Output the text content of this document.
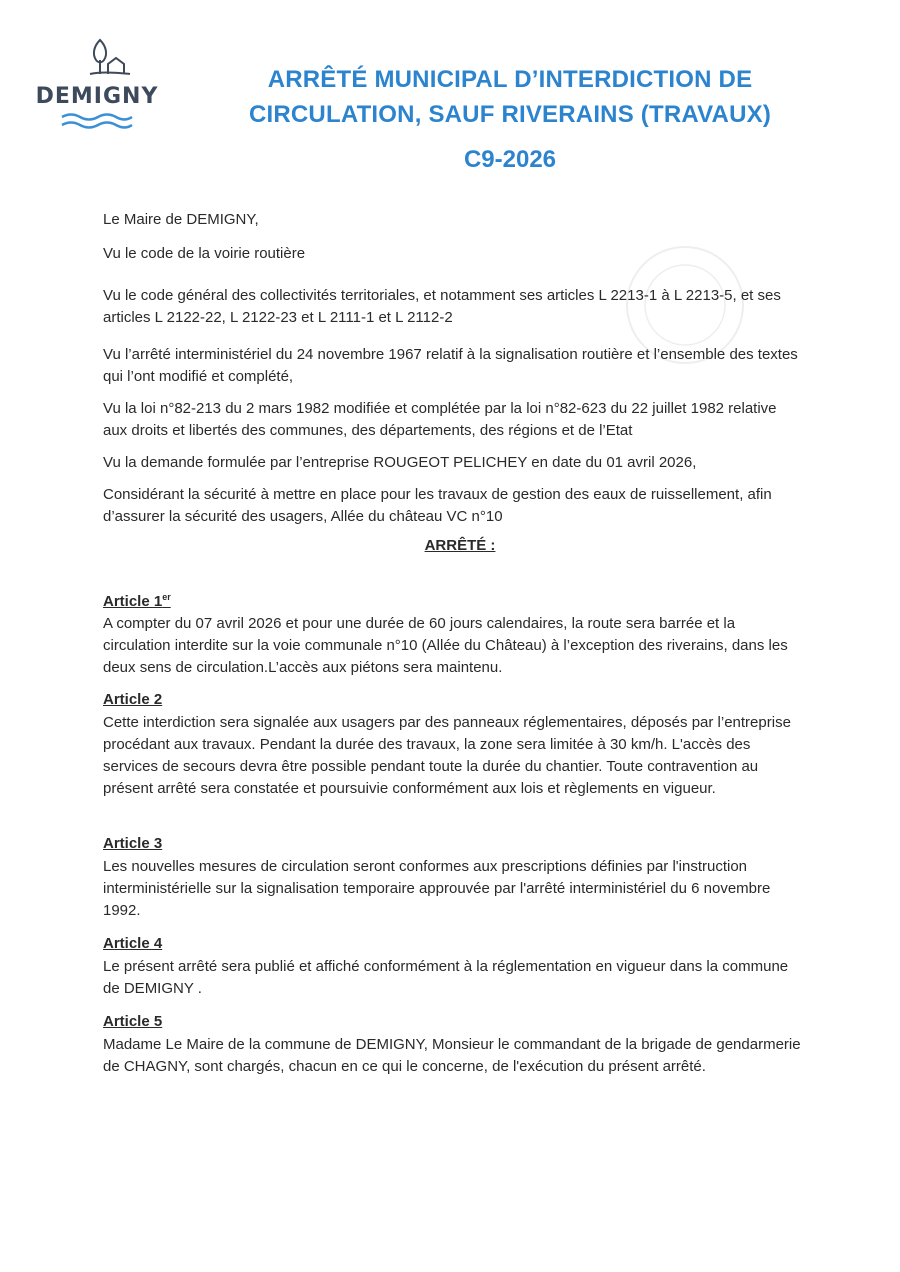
DEMIGNY
ARRÊTÉ MUNICIPAL D’INTERDICTION DE
CIRCULATION, SAUF RIVERAINS (TRAVAUX)
C9-2026
Le Maire de DEMIGNY,
Vu le code de la voirie routière
Vu le code général des collectivités territoriales, et notamment ses articles L 2213-1 à L 2213-5, et ses articles L 2122-22, L 2122-23 et L 2111-1 et L 2112-2
Vu l’arrêté interministériel du 24 novembre 1967 relatif à la signalisation routière et l’ensemble des textes qui l’ont modifié et complété,
Vu la loi n°82-213 du 2 mars 1982 modifiée et complétée par la loi n°82-623 du 22 juillet 1982 relative aux droits et libertés des communes, des départements, des régions et de l’Etat
Vu la demande formulée par l’entreprise ROUGEOT PELICHEY en date du 01 avril 2026,
Considérant la sécurité à mettre en place pour les travaux de gestion des eaux de ruissellement, afin d’assurer la sécurité des usagers, Allée du château VC n°10
ARRÊTÉ :
Article 1er
A compter du 07 avril 2026 et pour une durée de 60 jours calendaires, la route sera barrée et la circulation interdite sur la voie communale n°10 (Allée du Château) à l’exception des riverains, dans les deux sens de circulation.L’accès aux piétons sera maintenu.
Article 2
Cette interdiction sera signalée aux usagers par des panneaux réglementaires, déposés par l’entreprise procédant aux travaux. Pendant la durée des travaux, la zone sera limitée à 30 km/h. L'accès des services de secours devra être possible pendant toute la durée du chantier. Toute contravention au présent arrêté sera constatée et poursuivie conformément aux lois et règlements en vigueur.
Article 3
Les nouvelles mesures de circulation seront conformes aux prescriptions définies par l'instruction interministérielle sur la signalisation temporaire approuvée par l'arrêté interministériel du 6 novembre 1992.
Article 4
Le présent arrêté sera publié et affiché conformément à la réglementation en vigueur dans la commune de DEMIGNY .
Article 5
Madame Le Maire de la commune de DEMIGNY, Monsieur le commandant de la brigade de gendarmerie de CHAGNY, sont chargés, chacun en ce qui le concerne, de l'exécution du présent arrêté.
